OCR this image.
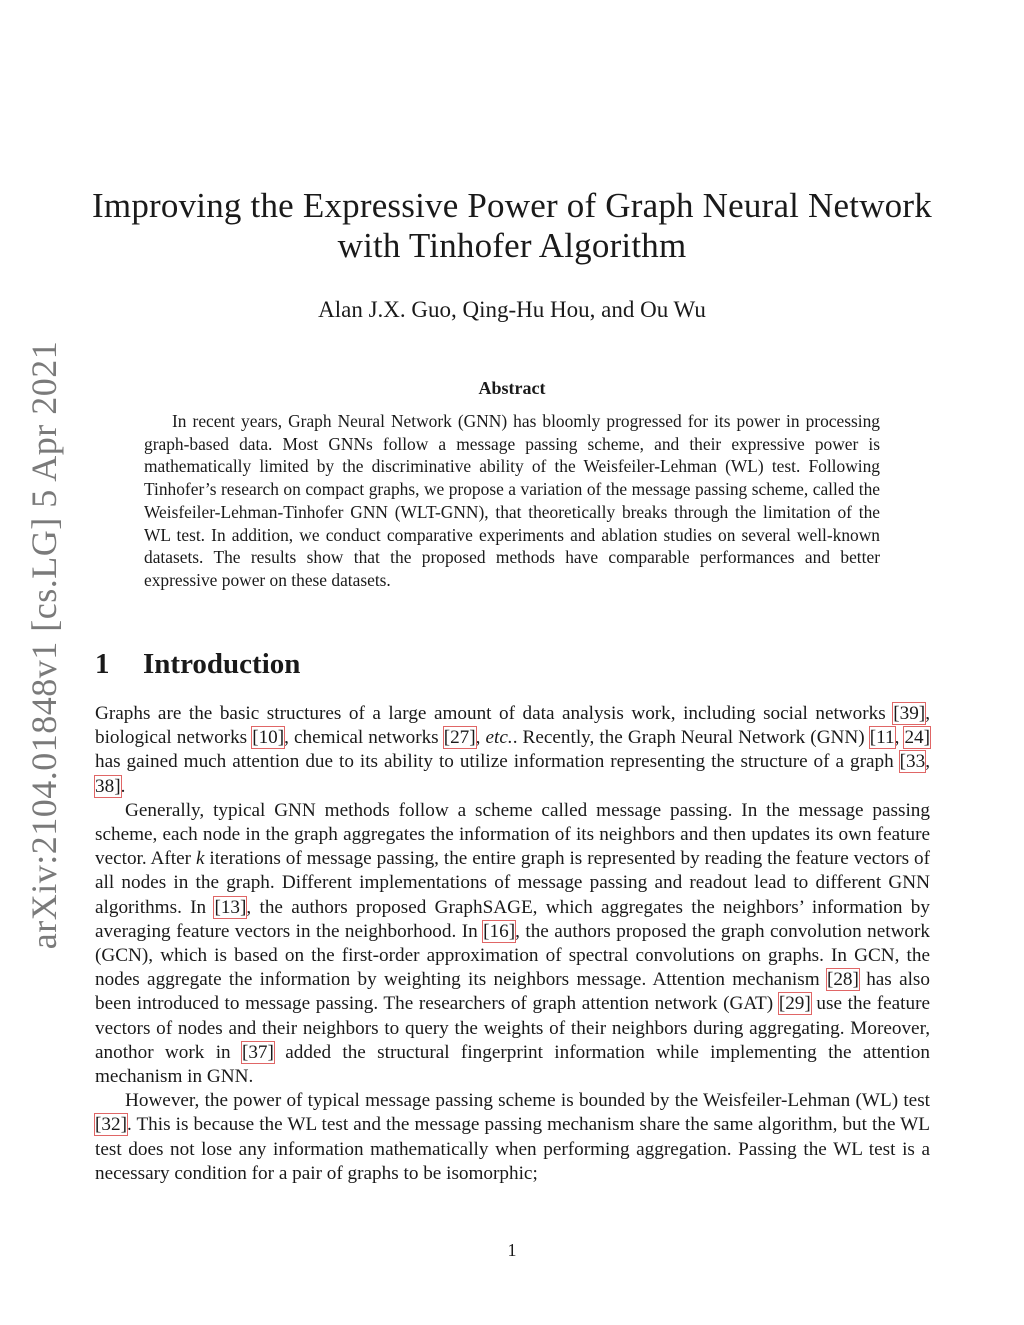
arXiv:2104.01848v1 [cs.LG] 5 Apr 2021
Improving the Expressive Power of Graph Neural Network
with Tinhofer Algorithm
Alan J.X. Guo, Qing-Hu Hou, and Ou Wu
Abstract

In recent years, Graph Neural Network (GNN) has bloomly progressed for its power in processing graph-based data. Most GNNs follow a message passing scheme, and their expressive power is mathematically limited by the discriminative ability of the Weisfeiler-Lehman (WL) test. Following Tinhofer’s research on compact graphs, we propose a variation of the message passing scheme, called the Weisfeiler-Lehman-Tinhofer GNN (WLT-GNN), that theoretically breaks through the limitation of the WL test. In addition, we conduct comparative experiments and ablation studies on several well-known datasets. The results show that the proposed methods have comparable performances and better expressive power on these datasets.

1	Introduction

Graphs are the basic structures of a large amount of data analysis work, including social networks [39], biological networks [10], chemical networks [27], etc.. Recently, the Graph Neural Network (GNN) [11, 24] has gained much attention due to its ability to utilize information representing the structure of a graph [33, 38].

Generally, typical GNN methods follow a scheme called message passing. In the message passing scheme, each node in the graph aggregates the information of its neighbors and then updates its own feature vector. After k iterations of message passing, the entire graph is represented by reading the feature vectors of all nodes in the graph. Different implementations of message passing and readout lead to different GNN algorithms. In [13], the authors proposed GraphSAGE, which aggregates the neighbors’ information by averaging feature vectors in the neighborhood. In [16], the authors proposed the graph convolution network (GCN), which is based on the first-order approximation of spectral convolutions on graphs. In GCN, the nodes aggregate the information by weighting its neighbors message. Attention mechanism [28] has also been introduced to message passing. The researchers of graph attention network (GAT) [29] use the feature vectors of nodes and their neighbors to query the weights of their neighbors during aggregating. Moreover, anothor work in [37] added the structural fingerprint information while implementing the attention mechanism in GNN.

However, the power of typical message passing scheme is bounded by the Weisfeiler-Lehman (WL) test [32]. This is because the WL test and the message passing mechanism share the same algorithm, but the WL test does not lose any information mathematically when performing aggregation. Passing the WL test is a necessary condition for a pair of graphs to be isomorphic;

1
